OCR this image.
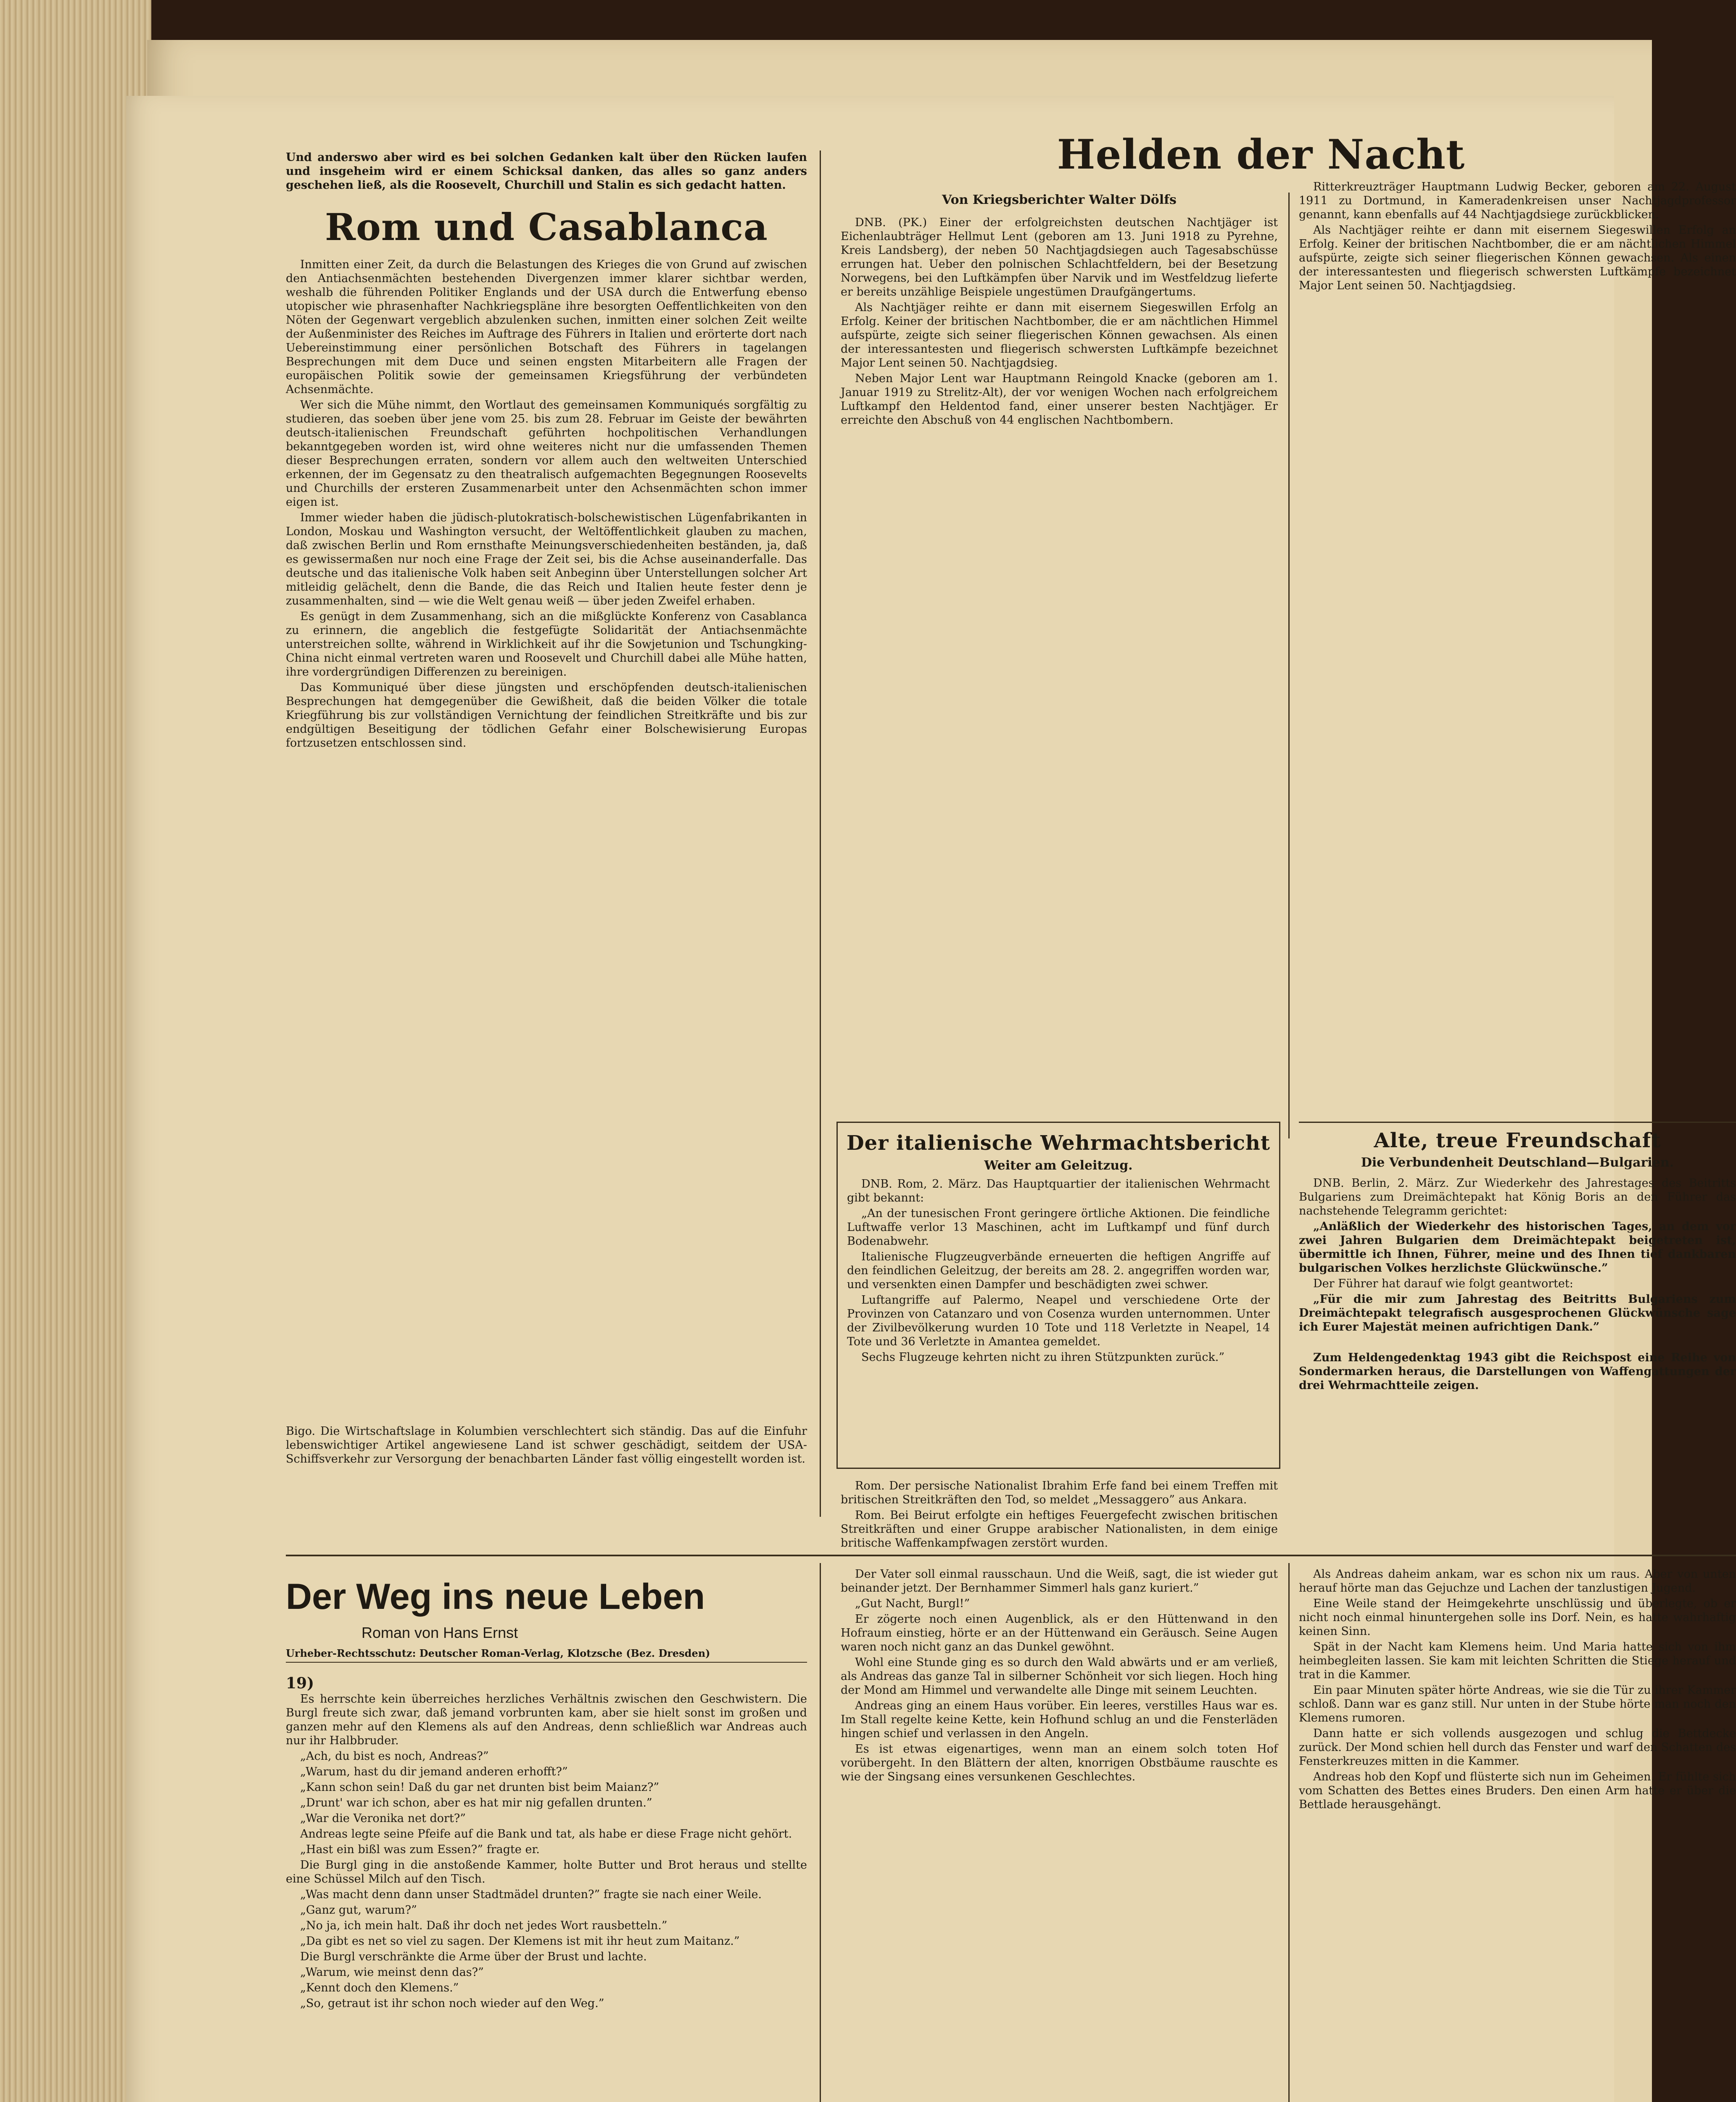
Und anderswo aber wird es bei solchen Gedanken kalt über den Rücken laufen und insgeheim wird er einem Schicksal danken, das alles so ganz anders geschehen ließ, als die Roosevelt, Churchill und Stalin es sich gedacht hatten.

Rom und Casablanca

Inmitten einer Zeit, da durch die Belastungen des Krieges die von Grund auf zwischen den Antiachsenmächten bestehenden Divergenzen immer klarer sichtbar werden, weshalb die führenden Politiker Englands und der USA durch die Entwerfung ebenso utopischer wie phrasenhafter Nachkriegspläne ihre besorgten Oeffentlichkeiten von den Nöten der Gegenwart vergeblich abzulenken suchen, inmitten einer solchen Zeit weilte der Außenminister des Reiches im Auftrage des Führers in Italien und erörterte dort nach Uebereinstimmung einer persönlichen Botschaft des Führers in tagelangen Besprechungen mit dem Duce und seinen engsten Mitarbeitern alle Fragen der europäischen Politik sowie der gemeinsamen Kriegsführung der verbündeten Achsenmächte.

Wer sich die Mühe nimmt, den Wortlaut des gemeinsamen Kommuniqués sorgfältig zu studieren, das soeben über jene vom 25. bis zum 28. Februar im Geiste der bewährten deutsch-italienischen Freundschaft geführten hochpolitischen Verhandlungen bekanntgegeben worden ist, wird ohne weiteres nicht nur die umfassenden Themen dieser Besprechungen erraten, sondern vor allem auch den weltweiten Unterschied erkennen, der im Gegensatz zu den theatralisch aufgemachten Begegnungen Roosevelts und Churchills der ersteren Zusammenarbeit unter den Achsenmächten schon immer eigen ist.

Immer wieder haben die jüdisch-plutokratisch-bolschewistischen Lügenfabrikanten in London, Moskau und Washington versucht, der Weltöffentlichkeit glauben zu machen, daß zwischen Berlin und Rom ernsthafte Meinungsverschiedenheiten beständen, ja, daß es gewissermaßen nur noch eine Frage der Zeit sei, bis die Achse auseinanderfalle. Das deutsche und das italienische Volk haben seit Anbeginn über Unterstellungen solcher Art mitleidig gelächelt, denn die Bande, die das Reich und Italien heute fester denn je zusammenhalten, sind — wie die Welt genau weiß — über jeden Zweifel erhaben.

Es genügt in dem Zusammenhang, sich an die mißglückte Konferenz von Casablanca zu erinnern, die angeblich die festgefügte Solidarität der Antiachsenmächte unterstreichen sollte, während in Wirklichkeit auf ihr die Sowjetunion und Tschungking-China nicht einmal vertreten waren und Roosevelt und Churchill dabei alle Mühe hatten, ihre vordergründigen Differenzen zu bereinigen.

Das Kommuniqué über diese jüngsten und erschöpfenden deutsch-italienischen Besprechungen hat demgegenüber die Gewißheit, daß die beiden Völker die totale Kriegführung bis zur vollständigen Vernichtung der feindlichen Streitkräfte und bis zur endgültigen Beseitigung der tödlichen Gefahr einer Bolschewisierung Europas fortzusetzen entschlossen sind.

Bigo. Die Wirtschaftslage in Kolumbien verschlechtert sich ständig. Das auf die Einfuhr lebenswichtiger Artikel angewiesene Land ist schwer geschädigt, seitdem der USA-Schiffsverkehr zur Versorgung der benachbarten Länder fast völlig eingestellt worden ist.

Helden der Nacht
Von Kriegsberichter Walter Dölfs

DNB. (PK.) Einer der erfolgreichsten deutschen Nachtjäger ist Eichenlaubträger Hellmut Lent (geboren am 13. Juni 1918 zu Pyrehne, Kreis Landsberg), der neben 50 Nachtjagdsiegen auch Tagesabschüsse errungen hat. Ueber den polnischen Schlachtfeldern, bei der Besetzung Norwegens, bei den Luftkämpfen über Narvik und im Westfeldzug lieferte er bereits unzählige Beispiele ungestümen Draufgängertums.

Als Nachtjäger reihte er dann mit eisernem Siegeswillen Erfolg an Erfolg. Keiner der britischen Nachtbomber, die er am nächtlichen Himmel aufspürte, zeigte sich seiner fliegerischen Können gewachsen. Als einen der interessantesten und fliegerisch schwersten Luftkämpfe bezeichnet Major Lent seinen 50. Nachtjagdsieg.

Neben Major Lent war Hauptmann Reingold Knacke (geboren am 1. Januar 1919 zu Strelitz-Alt), der vor wenigen Wochen nach erfolgreichem Luftkampf den Heldentod fand, einer unserer besten Nachtjäger. Er erreichte den Abschuß von 44 englischen Nachtbombern.

Ritterkreuzträger Hauptmann Ludwig Becker, geboren am 22. August 1911 zu Dortmund, in Kameradenkreisen unser Nachtjagdprofessor genannt, kann ebenfalls auf 44 Nachtjagdsiege zurückblicken.

Als Nachtjäger reihte er dann mit eisernem Siegeswillen Erfolg an Erfolg. Keiner der britischen Nachtbomber, die er am nächtlichen Himmel aufspürte, zeigte sich seiner fliegerischen Können gewachsen. Als einen der interessantesten und fliegerisch schwersten Luftkämpfe bezeichnet Major Lent seinen 50. Nachtjagdsieg.

Der italienische Wehrmachtsbericht
Weiter am Geleitzug.

DNB. Rom, 2. März. Das Hauptquartier der italienischen Wehrmacht gibt bekannt:

„An der tunesischen Front geringere örtliche Aktionen. Die feindliche Luftwaffe verlor 13 Maschinen, acht im Luftkampf und fünf durch Bodenabwehr.

Italienische Flugzeugverbände erneuerten die heftigen Angriffe auf den feindlichen Geleitzug, der bereits am 28. 2. angegriffen worden war, und versenkten einen Dampfer und beschädigten zwei schwer.

Luftangriffe auf Palermo, Neapel und verschiedene Orte der Provinzen von Catanzaro und von Cosenza wurden unternommen. Unter der Zivilbevölkerung wurden 10 Tote und 118 Verletzte in Neapel, 14 Tote und 36 Verletzte in Amantea gemeldet.

Sechs Flugzeuge kehrten nicht zu ihren Stützpunkten zurück.”

Rom. Der persische Nationalist Ibrahim Erfe fand bei einem Treffen mit britischen Streitkräften den Tod, so meldet „Messaggero” aus Ankara.

Rom. Bei Beirut erfolgte ein heftiges Feuergefecht zwischen britischen Streitkräften und einer Gruppe arabischer Nationalisten, in dem einige britische Waffenkampfwagen zerstört wurden.

Alte, treue Freundschaft
Die Verbundenheit Deutschland—Bulgarien.

DNB. Berlin, 2. März. Zur Wiederkehr des Jahrestages des Beitritts Bulgariens zum Dreimächtepakt hat König Boris an den Führer das nachstehende Telegramm gerichtet:

„Anläßlich der Wiederkehr des historischen Tages, an dem vor zwei Jahren Bulgarien dem Dreimächtepakt beigetreten ist, übermittle ich Ihnen, Führer, meine und des Ihnen tief dankbaren bulgarischen Volkes herzlichste Glückwünsche.”

Der Führer hat darauf wie folgt geantwortet:

„Für die mir zum Jahrestag des Beitritts Bulgariens zum Dreimächtepakt telegrafisch ausgesprochenen Glückwünsche sage ich Eurer Majestät meinen aufrichtigen Dank.”

Zum Heldengedenktag 1943 gibt die Reichspost eine Reihe von Sondermarken heraus, die Darstellungen von Waffengattungen der drei Wehrmachtteile zeigen.

Der Weg ins neue Leben
Roman von Hans Ernst
Urheber-Rechtsschutz: Deutscher Roman-Verlag, Klotzsche (Bez. Dresden)

19)

Es herrschte kein überreiches herzliches Verhältnis zwischen den Geschwistern. Die Burgl freute sich zwar, daß jemand vorbrunten kam, aber sie hielt sonst im großen und ganzen mehr auf den Klemens als auf den Andreas, denn schließlich war Andreas auch nur ihr Halbbruder.

„Ach, du bist es noch, Andreas?”

„Warum, hast du dir jemand anderen erhofft?”

„Kann schon sein! Daß du gar net drunten bist beim Maianz?”

„Drunt' war ich schon, aber es hat mir nig gefallen drunten.”

„War die Veronika net dort?”

Andreas legte seine Pfeife auf die Bank und tat, als habe er diese Frage nicht gehört.

„Hast ein bißl was zum Essen?” fragte er.

Die Burgl ging in die anstoßende Kammer, holte Butter und Brot heraus und stellte eine Schüssel Milch auf den Tisch.

„Was macht denn dann unser Stadtmädel drunten?” fragte sie nach einer Weile.

„Ganz gut, warum?”

„No ja, ich mein halt. Daß ihr doch net jedes Wort rausbetteln.”

„Da gibt es net so viel zu sagen. Der Klemens ist mit ihr heut zum Maitanz.”

Die Burgl verschränkte die Arme über der Brust und lachte.

„Warum, wie meinst denn das?”

„Kennt doch den Klemens.”

„So, getraut ist ihr schon noch wieder auf den Weg.”

Der Vater soll einmal rausschaun. Und die Weiß, sagt, die ist wieder gut beinander jetzt. Der Bernhammer Simmerl hals ganz kuriert.”

„Gut Nacht, Burgl!”

Er zögerte noch einen Augenblick, als er den Hüttenwand in den Hofraum einstieg, hörte er an der Hüttenwand ein Geräusch. Seine Augen waren noch nicht ganz an das Dunkel gewöhnt.

Wohl eine Stunde ging es so durch den Wald abwärts und er am verließ, als Andreas das ganze Tal in silberner Schönheit vor sich liegen. Hoch hing der Mond am Himmel und verwandelte alle Dinge mit seinem Leuchten.

Andreas ging an einem Haus vorüber. Ein leeres, verstilles Haus war es. Im Stall regelte keine Kette, kein Hofhund schlug an und die Fensterläden hingen schief und verlassen in den Angeln.

Es ist etwas eigenartiges, wenn man an einem solch toten Hof vorübergeht. In den Blättern der alten, knorrigen Obstbäume rauschte es wie der Singsang eines versunkenen Geschlechtes.

Als Andreas daheim ankam, war es schon nix um raus. Aber von unten herauf hörte man das Gejuchze und Lachen der tanzlustigen Jugend.

Eine Weile stand der Heimgekehrte unschlüssig und überlegte, ob er nicht noch einmal hinuntergehen solle ins Dorf. Nein, es hatte wahrhaftig keinen Sinn.

Spät in der Nacht kam Klemens heim. Und Maria hatte sich von ihm heimbegleiten lassen. Sie kam mit leichten Schritten die Stiege herauf und trat in die Kammer.

Ein paar Minuten später hörte Andreas, wie sie die Tür zu ihrer Kammer schloß. Dann war es ganz still. Nur unten in der Stube hörte man noch den Klemens rumoren.

Dann hatte er sich vollends ausgezogen und schlug die Bettdecke zurück. Der Mond schien hell durch das Fenster und warf den Schatten des Fensterkreuzes mitten in die Kammer.

Andreas hob den Kopf und flüsterte sich nun im Geheimen. Er fühlte sich vom Schatten des Bettes eines Bruders. Den einen Arm hatte er über die Bettlade herausgehängt.
